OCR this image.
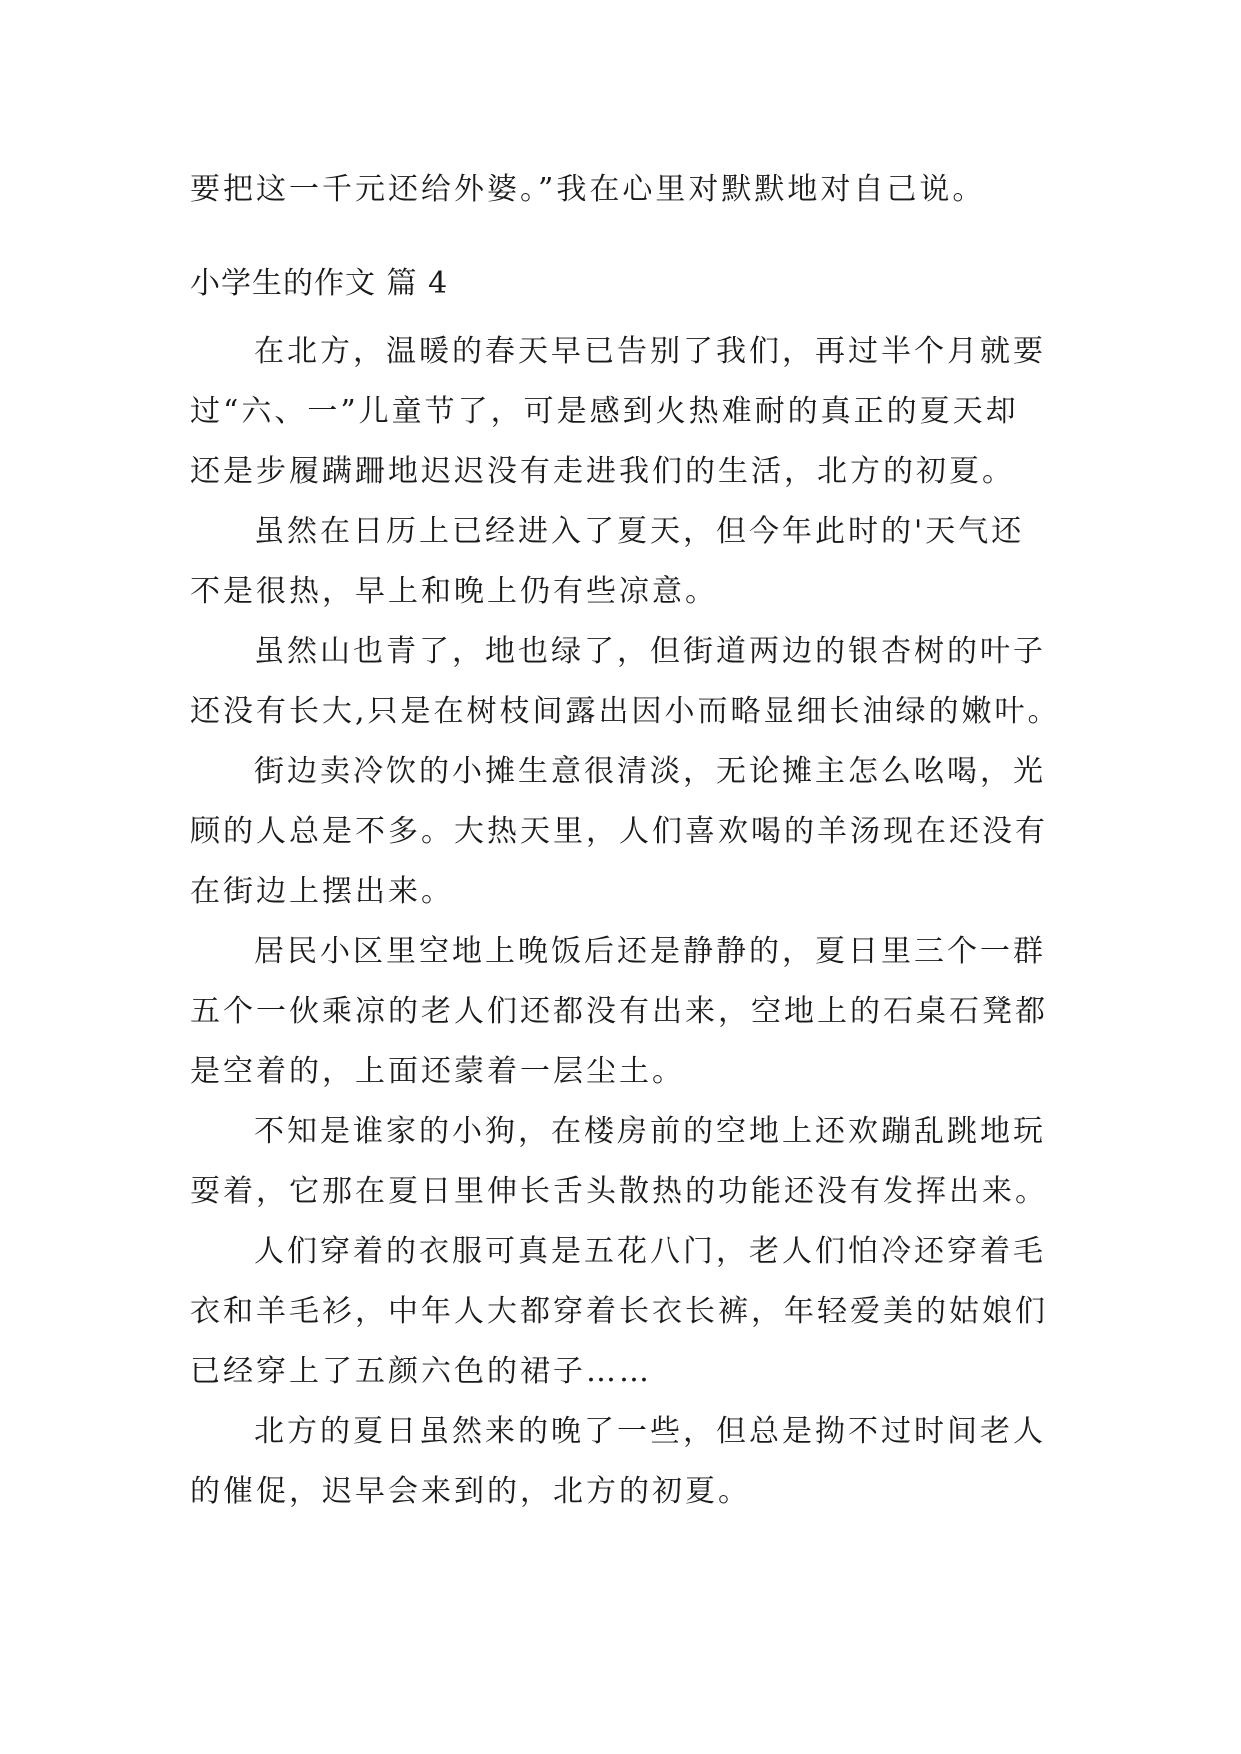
要把这一千元还给外婆。”我在心里对默默地对自己说。
小学生的作文 篇 4
在北方，温暖的春天早已告别了我们，再过半个月就要
过“六、一”儿童节了，可是感到火热难耐的真正的夏天却
还是步履蹒跚地迟迟没有走进我们的生活，北方的初夏。
虽然在日历上已经进入了夏天，但今年此时的'天气还
不是很热，早上和晚上仍有些凉意。
虽然山也青了，地也绿了，但街道两边的银杏树的叶子
还没有长大,只是在树枝间露出因小而略显细长油绿的嫩叶。
街边卖冷饮的小摊生意很清淡，无论摊主怎么吆喝，光
顾的人总是不多。大热天里，人们喜欢喝的羊汤现在还没有
在街边上摆出来。
居民小区里空地上晚饭后还是静静的，夏日里三个一群
五个一伙乘凉的老人们还都没有出来，空地上的石桌石凳都
是空着的，上面还蒙着一层尘土。
不知是谁家的小狗，在楼房前的空地上还欢蹦乱跳地玩
耍着，它那在夏日里伸长舌头散热的功能还没有发挥出来。
人们穿着的衣服可真是五花八门，老人们怕冷还穿着毛
衣和羊毛衫，中年人大都穿着长衣长裤，年轻爱美的姑娘们
已经穿上了五颜六色的裙子……
北方的夏日虽然来的晚了一些，但总是拗不过时间老人
的催促，迟早会来到的，北方的初夏。
